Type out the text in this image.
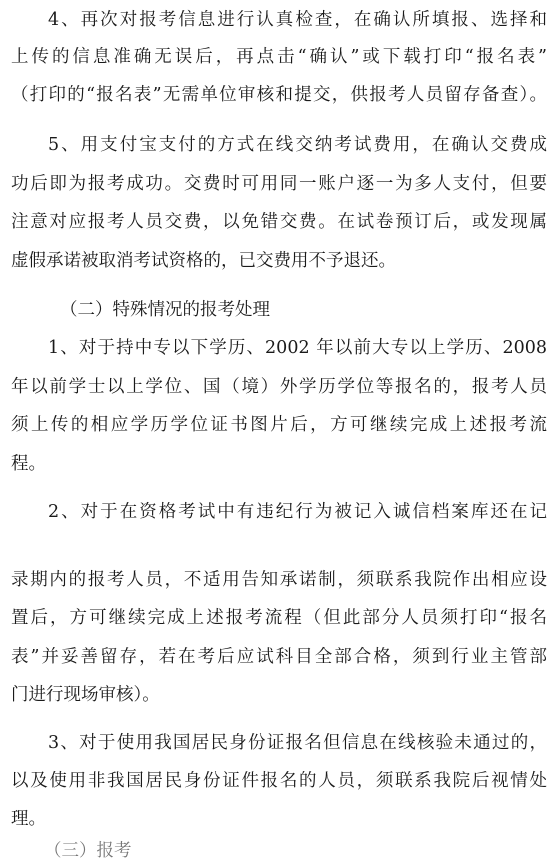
4、再次对报考信息进行认真检查，在确认所填报、选择和
上传的信息准确无误后，再点击“确认”或下载打印“报名表”
（打印的“报名表”无需单位审核和提交，供报考人员留存备查）。
5、用支付宝支付的方式在线交纳考试费用，在确认交费成
功后即为报考成功。交费时可用同一账户逐一为多人支付，但要
注意对应报考人员交费，以免错交费。在试卷预订后，或发现属
虚假承诺被取消考试资格的，已交费用不予退还。
（二）特殊情况的报考处理
1、对于持中专以下学历、2002 年以前大专以上学历、2008
年以前学士以上学位、国（境）外学历学位等报名的，报考人员
须上传的相应学历学位证书图片后，方可继续完成上述报考流
程。
2、对于在资格考试中有违纪行为被记入诚信档案库还在记
录期内的报考人员，不适用告知承诺制，须联系我院作出相应设
置后，方可继续完成上述报考流程（但此部分人员须打印“报名
表”并妥善留存，若在考后应试科目全部合格，须到行业主管部
门进行现场审核）。
3、对于使用我国居民身份证报名但信息在线核验未通过的，
以及使用非我国居民身份证件报名的人员，须联系我院后视情处
理。
（三）报考
